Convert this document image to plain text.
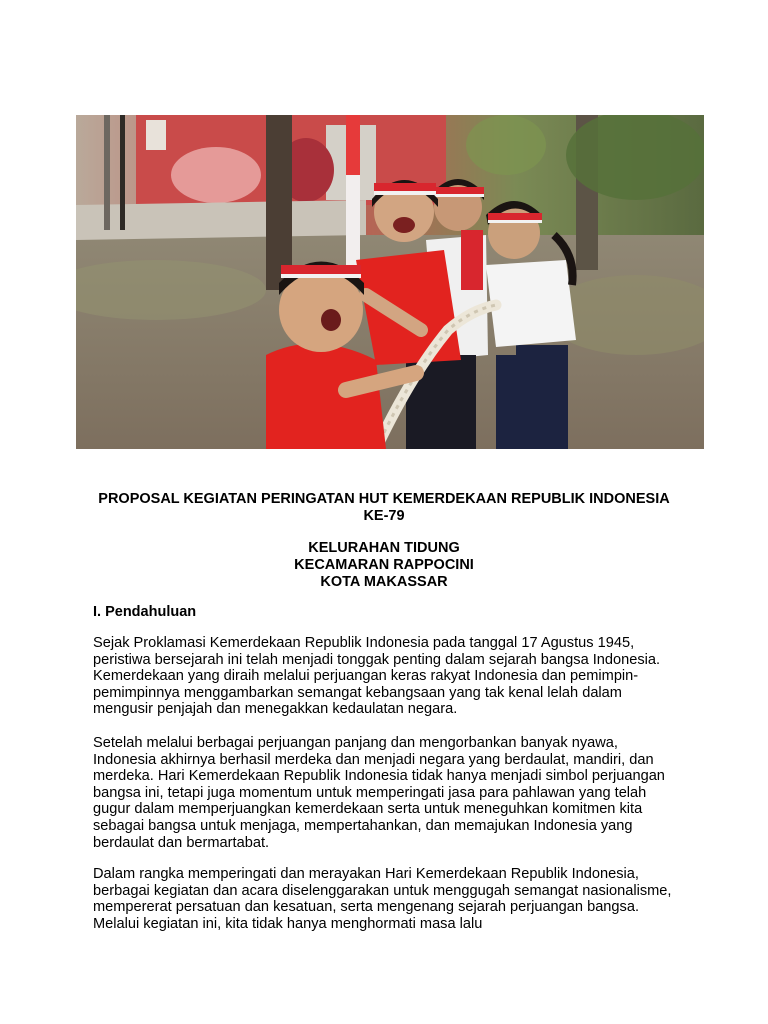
PROPOSAL KEGIATAN PERINGATAN HUT KEMERDEKAAN REPUBLIK INDONESIA KE-79
KELURAHAN TIDUNG
KECAMARAN RAPPOCINI
KOTA MAKASSAR
I. Pendahuluan

Sejak Proklamasi Kemerdekaan Republik Indonesia pada tanggal 17 Agustus 1945, peristiwa bersejarah ini telah menjadi tonggak penting dalam sejarah bangsa Indonesia. Kemerdekaan yang diraih melalui perjuangan keras rakyat Indonesia dan pemimpin-pemimpinnya menggambarkan semangat kebangsaan yang tak kenal lelah dalam mengusir penjajah dan menegakkan kedaulatan negara.

Setelah melalui berbagai perjuangan panjang dan mengorbankan banyak nyawa, Indonesia akhirnya berhasil merdeka dan menjadi negara yang berdaulat, mandiri, dan merdeka. Hari Kemerdekaan Republik Indonesia tidak hanya menjadi simbol perjuangan bangsa ini, tetapi juga momentum untuk memperingati jasa para pahlawan yang telah gugur dalam memperjuangkan kemerdekaan serta untuk meneguhkan komitmen kita sebagai bangsa untuk menjaga, mempertahankan, dan memajukan Indonesia yang berdaulat dan bermartabat.

Dalam rangka memperingati dan merayakan Hari Kemerdekaan Republik Indonesia, berbagai kegiatan dan acara diselenggarakan untuk menggugah semangat nasionalisme, mempererat persatuan dan kesatuan, serta mengenang sejarah perjuangan bangsa. Melalui kegiatan ini, kita tidak hanya menghormati masa lalu
